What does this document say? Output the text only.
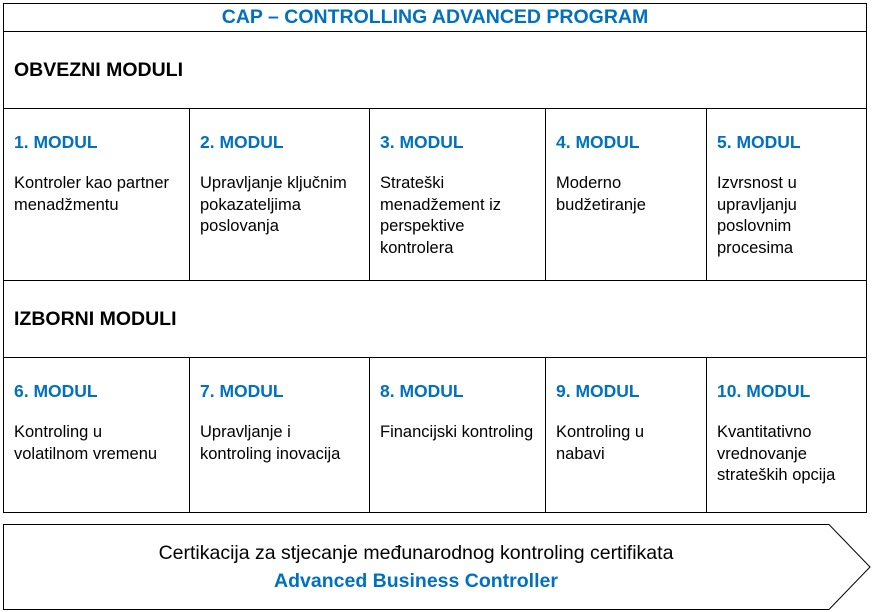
CAP – CONTROLLING ADVANCED PROGRAM
OBVEZNI MODULI
1. MODUL
Kontroler kao partner menadžmentu
2. MODUL
Upravljanje ključnim pokazateljima poslovanja
3. MODUL
Strateški menadžement iz perspektive kontrolera
4. MODUL
Moderno budžetiranje
5. MODUL
Izvrsnost u upravljanju poslovnim procesima
IZBORNI MODULI
6. MODUL
Kontroling u volatilnom vremenu
7. MODUL
Upravljanje i kontroling inovacija
8. MODUL
Financijski kontroling
9. MODUL
Kontroling u nabavi
10. MODUL
Kvantitativno vrednovanje strateških opcija
Certikacija za stjecanje međunarodnog kontroling certifikata
Advanced Business Controller
